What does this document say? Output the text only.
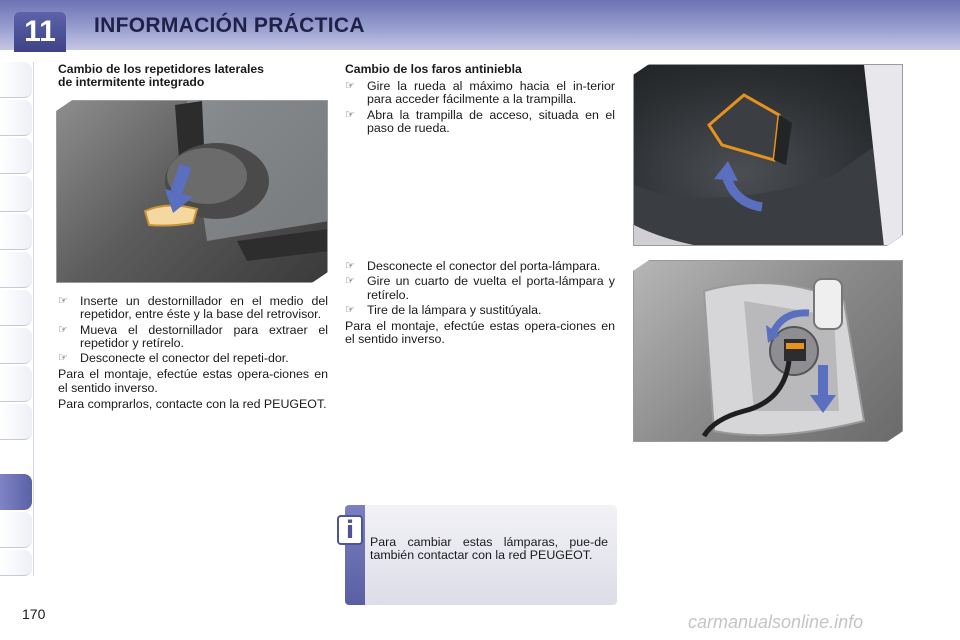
11	INFORMACIÓN PRÁCTICA
Cambio de los repetidores laterales
de intermitente integrado
☞ Inserte un destornillador en el medio del repetidor, entre éste y la base del retrovisor.
☞ Mueva el destornillador para extraer el repetidor y retírelo.
☞ Desconecte el conector del repeti-dor.
Para el montaje, efectúe estas opera-ciones en el sentido inverso.
Para comprarlos, contacte con la red PEUGEOT.
Cambio de los faros antiniebla
☞ Gire la rueda al máximo hacia el in-terior para acceder fácilmente a la trampilla.
☞ Abra la trampilla de acceso, situada en el paso de rueda.
☞ Desconecte el conector del porta-lámpara.
☞ Gire un cuarto de vuelta el porta-lámpara y retírelo.
☞ Tire de la lámpara y sustitúyala.
Para el montaje, efectúe estas opera-ciones en el sentido inverso.
i	Para cambiar estas lámparas, pue-de también contactar con la red PEUGEOT.
170	carmanualsonline.info
